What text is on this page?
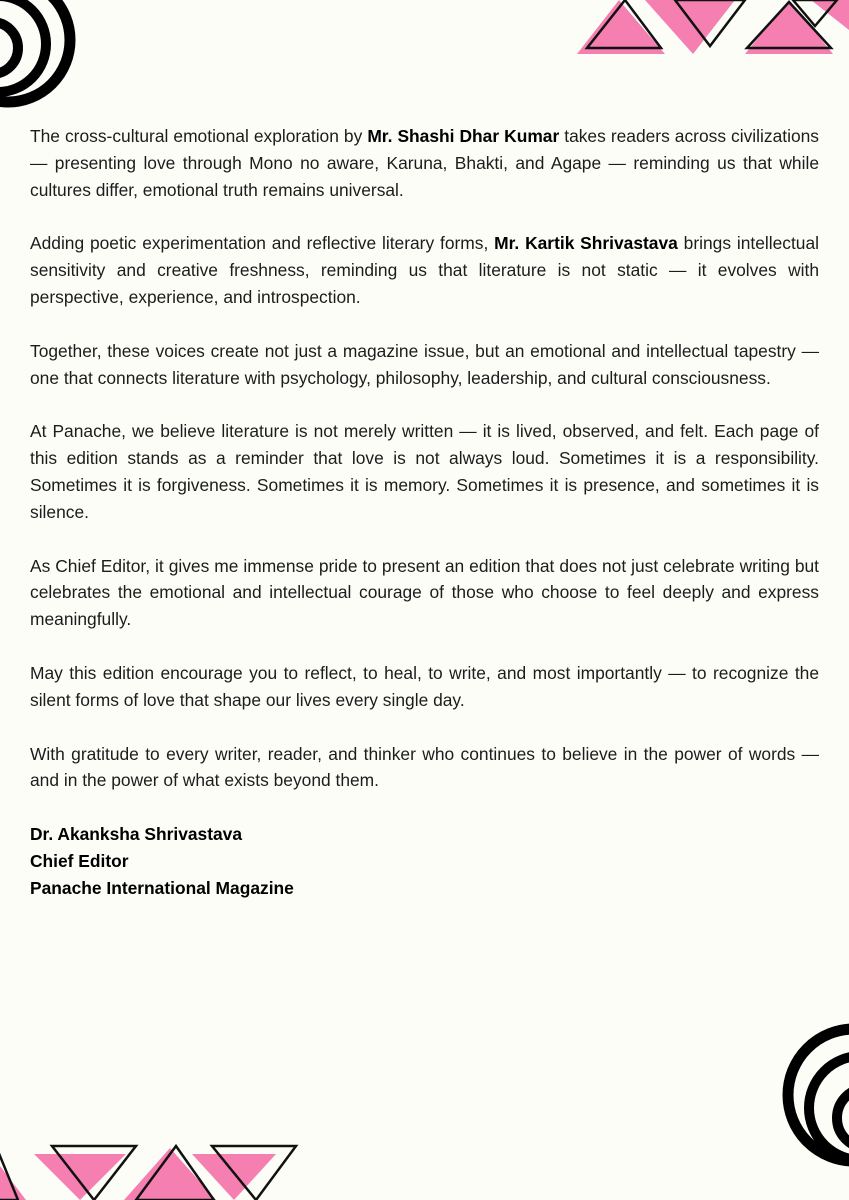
The cross-cultural emotional exploration by Mr. Shashi Dhar Kumar takes readers across civilizations — presenting love through Mono no aware, Karuna, Bhakti, and Agape — reminding us that while cultures differ, emotional truth remains universal.

Adding poetic experimentation and reflective literary forms, Mr. Kartik Shrivastava brings intellectual sensitivity and creative freshness, reminding us that literature is not static — it evolves with perspective, experience, and introspection.

Together, these voices create not just a magazine issue, but an emotional and intellectual tapestry — one that connects literature with psychology, philosophy, leadership, and cultural consciousness.

At Panache, we believe literature is not merely written — it is lived, observed, and felt. Each page of this edition stands as a reminder that love is not always loud. Sometimes it is a responsibility. Sometimes it is forgiveness. Sometimes it is memory. Sometimes it is presence, and sometimes it is silence.

As Chief Editor, it gives me immense pride to present an edition that does not just celebrate writing but celebrates the emotional and intellectual courage of those who choose to feel deeply and express meaningfully.

May this edition encourage you to reflect, to heal, to write, and most importantly — to recognize the silent forms of love that shape our lives every single day.

With gratitude to every writer, reader, and thinker who continues to believe in the power of words — and in the power of what exists beyond them.

Dr. Akanksha Shrivastava
Chief Editor
Panache International Magazine
